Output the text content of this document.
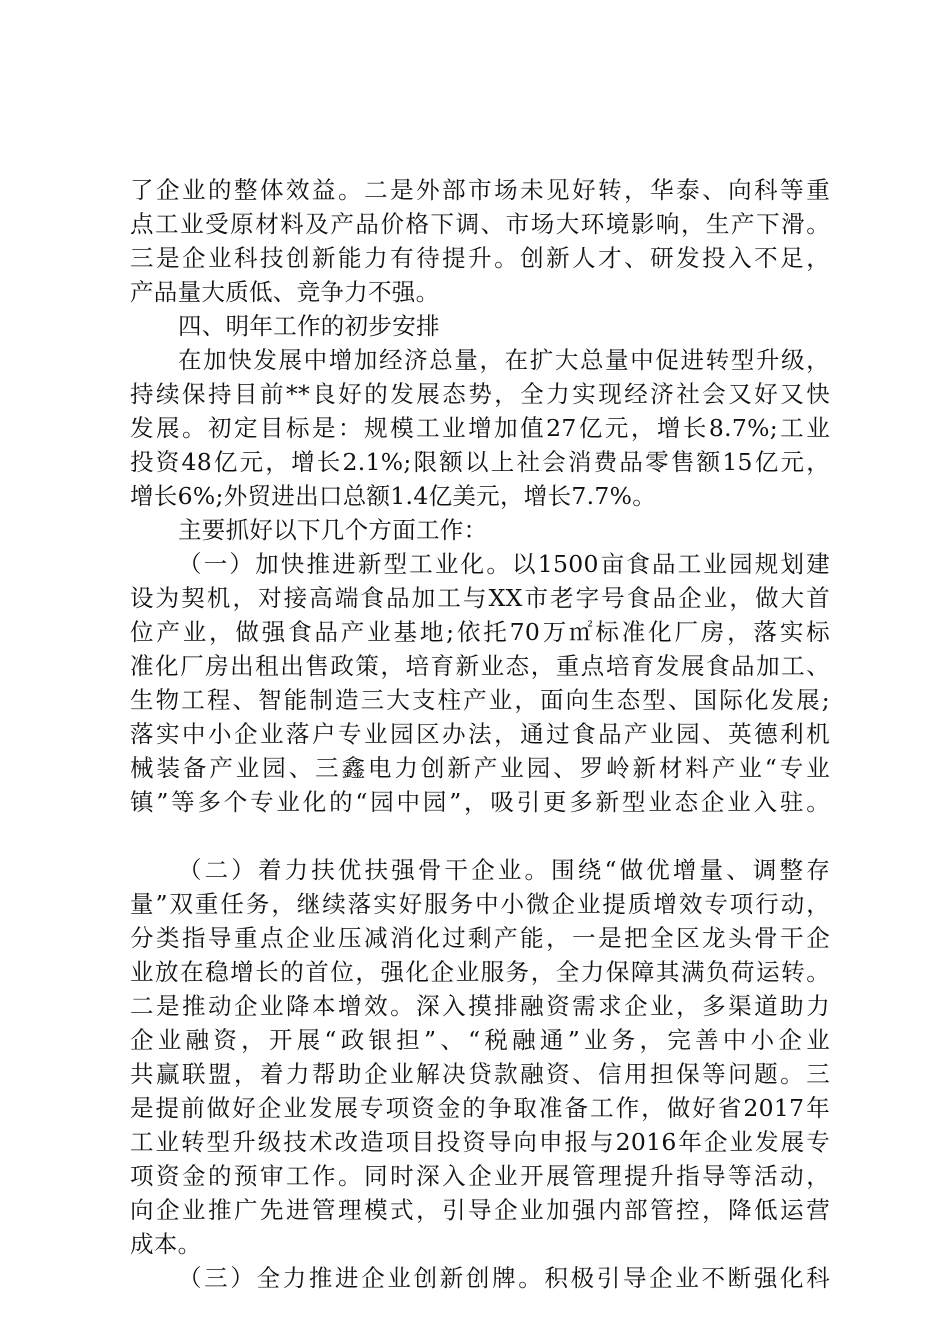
了企业的整体效益。二是外部市场未见好转，华泰、向科等重
点工业受原材料及产品价格下调、市场大环境影响，生产下滑。
三是企业科技创新能力有待提升。创新人才、研发投入不足，
产品量大质低、竞争力不强。
四、明年工作的初步安排
在加快发展中增加经济总量，在扩大总量中促进转型升级，
持续保持目前**良好的发展态势，全力实现经济社会又好又快
发展。初定目标是：规模工业增加值27亿元，增长8.7%;工业
投资48亿元，增长2.1%;限额以上社会消费品零售额15亿元，
增长6%;外贸进出口总额1.4亿美元，增长7.7%。
主要抓好以下几个方面工作：
（一）加快推进新型工业化。以1500亩食品工业园规划建
设为契机，对接高端食品加工与XX市老字号食品企业，做大首
位产业，做强食品产业基地;依托70万㎡标准化厂房，落实标
准化厂房出租出售政策，培育新业态，重点培育发展食品加工、
生物工程、智能制造三大支柱产业，面向生态型、国际化发展;
落实中小企业落户专业园区办法，通过食品产业园、英德利机
械装备产业园、三鑫电力创新产业园、罗岭新材料产业“专业
镇”等多个专业化的“园中园”，吸引更多新型业态企业入驻。
（二）着力扶优扶强骨干企业。围绕“做优增量、调整存
量”双重任务，继续落实好服务中小微企业提质增效专项行动，
分类指导重点企业压减消化过剩产能，一是把全区龙头骨干企
业放在稳增长的首位，强化企业服务，全力保障其满负荷运转。
二是推动企业降本增效。深入摸排融资需求企业，多渠道助力
企业融资，开展“政银担”、“税融通”业务，完善中小企业
共赢联盟，着力帮助企业解决贷款融资、信用担保等问题。三
是提前做好企业发展专项资金的争取准备工作，做好省2017年
工业转型升级技术改造项目投资导向申报与2016年企业发展专
项资金的预审工作。同时深入企业开展管理提升指导等活动，
向企业推广先进管理模式，引导企业加强内部管控，降低运营
成本。
（三）全力推进企业创新创牌。积极引导企业不断强化科
